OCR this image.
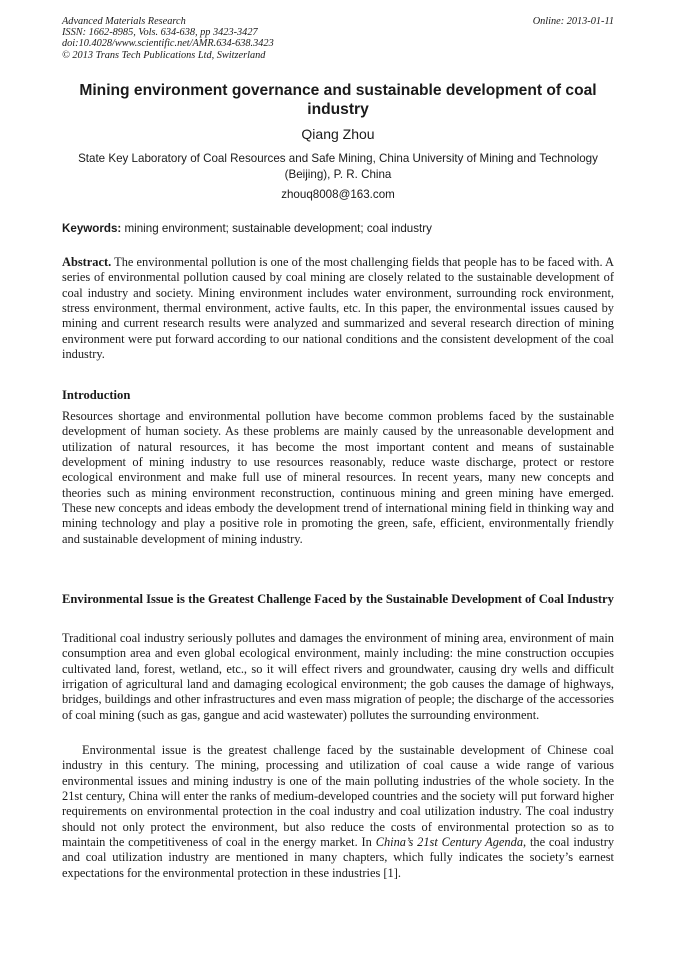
Advanced Materials Research
ISSN: 1662-8985, Vols. 634-638, pp 3423-3427
doi:10.4028/www.scientific.net/AMR.634-638.3423
© 2013 Trans Tech Publications Ltd, Switzerland
Online: 2013-01-11
Mining environment governance and sustainable development of coal industry
Qiang Zhou
State Key Laboratory of Coal Resources and Safe Mining, China University of Mining and Technology (Beijing), P. R. China
zhouq8008@163.com
Keywords: mining environment; sustainable development; coal industry
Abstract. The environmental pollution is one of the most challenging fields that people has to be faced with. A series of environmental pollution caused by coal mining are closely related to the sustainable development of coal industry and society. Mining environment includes water environment, surrounding rock environment, stress environment, thermal environment, active faults, etc. In this paper, the environmental issues caused by mining and current research results were analyzed and summarized and several research direction of mining environment were put forward according to our national conditions and the consistent development of the coal industry.
Introduction
Resources shortage and environmental pollution have become common problems faced by the sustainable development of human society. As these problems are mainly caused by the unreasonable development and utilization of natural resources, it has become the most important content and means of sustainable development of mining industry to use resources reasonably, reduce waste discharge, protect or restore ecological environment and make full use of mineral resources. In recent years, many new concepts and theories such as mining environment reconstruction, continuous mining and green mining have emerged. These new concepts and ideas embody the development trend of international mining field in thinking way and mining technology and play a positive role in promoting the green, safe, efficient, environmentally friendly and sustainable development of mining industry.
Environmental Issue is the Greatest Challenge Faced by the Sustainable Development of Coal Industry
Traditional coal industry seriously pollutes and damages the environment of mining area, environment of main consumption area and even global ecological environment, mainly including: the mine construction occupies cultivated land, forest, wetland, etc., so it will effect rivers and groundwater, causing dry wells and difficult irrigation of agricultural land and damaging ecological environment; the gob causes the damage of highways, bridges, buildings and other infrastructures and even mass migration of people; the discharge of the accessories of coal mining (such as gas, gangue and acid wastewater) pollutes the surrounding environment.
Environmental issue is the greatest challenge faced by the sustainable development of Chinese coal industry in this century. The mining, processing and utilization of coal cause a wide range of various environmental issues and mining industry is one of the main polluting industries of the whole society. In the 21st century, China will enter the ranks of medium-developed countries and the society will put forward higher requirements on environmental protection in the coal industry and coal utilization industry. The coal industry should not only protect the environment, but also reduce the costs of environmental protection so as to maintain the competitiveness of coal in the energy market. In China’s 21st Century Agenda, the coal industry and coal utilization industry are mentioned in many chapters, which fully indicates the society’s earnest expectations for the environmental protection in these industries [1].
